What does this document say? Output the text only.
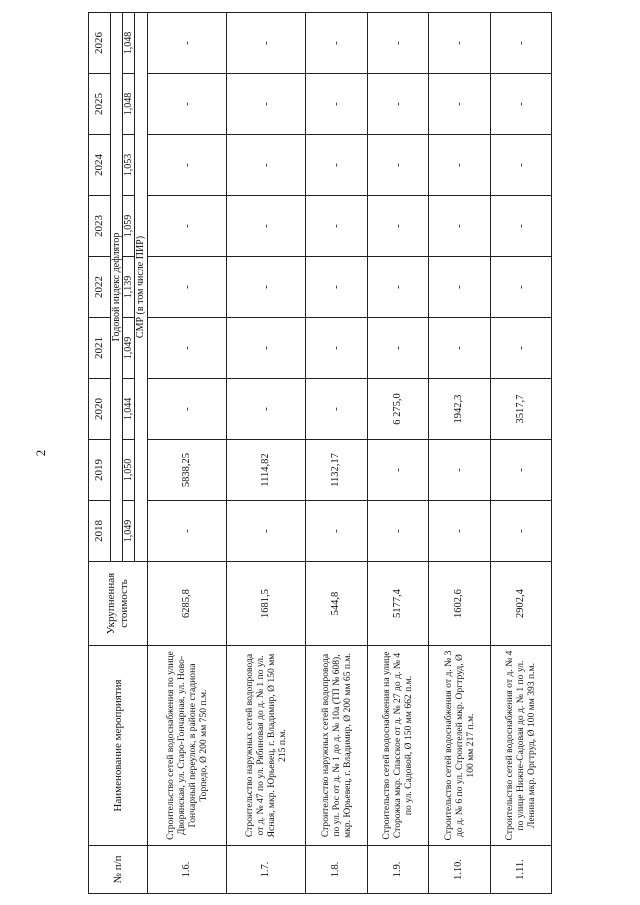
2
№ п/п	Наименование мероприятия	Укрупненная стоимость	2018	2019	2020	2021	2022	2023	2024	2025	2026
			Годовой индекс дефлятор								
			1,049	1,050	1,044	1,049	1,139	1,059	1,053	1,048	1,048
			СМР (в том числе ПИР)								
1.6.	Строительство сетей водоснабжения по улице Дворянская, ул. Старо-Гончарная, ул. Ново-Гончарный переулок, в районе стадиона Торпедо, Ø 200 мм 750 п.м.	6285,8	-	5838,25	-	-	-	-	-	-	-
1.7.	Строительство наружных сетей водопровода от д. № 47 по ул. Рябиновая до д. № 1 по ул. Ясная, мкр. Юрьевец, г. Владимир, Ø 150 мм 215 п.м.	1681,5	-	1114,82	-	-	-	-	-	-	-
1.8.	Строительство наружных сетей водопровода по ул. Рос от д. № 1 до д. № 10а (ТП № 608), мкр. Юрьевец, г. Владимир, Ø 200 мм 65 п.м.	544,8	-	1132,17	-	-	-	-	-	-	-
1.9.	Строительство сетей водоснабжения на улице Сторожка мкр. Спасское от д. № 27 до д. № 4 по ул. Садовой, Ø 150 мм 662 п.м.	5177,4	-	-	6 275,0	-	-	-	-	-	-
1.10.	Строительство сетей водоснабжения от д. № 3 до д. № 6 по ул. Строителей мкр. Оргтруд, Ø 100 мм 217 п.м.	1602,6	-	-	1942,3	-	-	-	-	-	-
1.11.	Строительство сетей водоснабжения от д. № 4 по улице Нижне-Садовая до д. № 1 по ул. Ленина мкр. Оргтруд, Ø 100 мм 393 п.м.	2902,4	-	-	3517,7	-	-	-	-	-	-
